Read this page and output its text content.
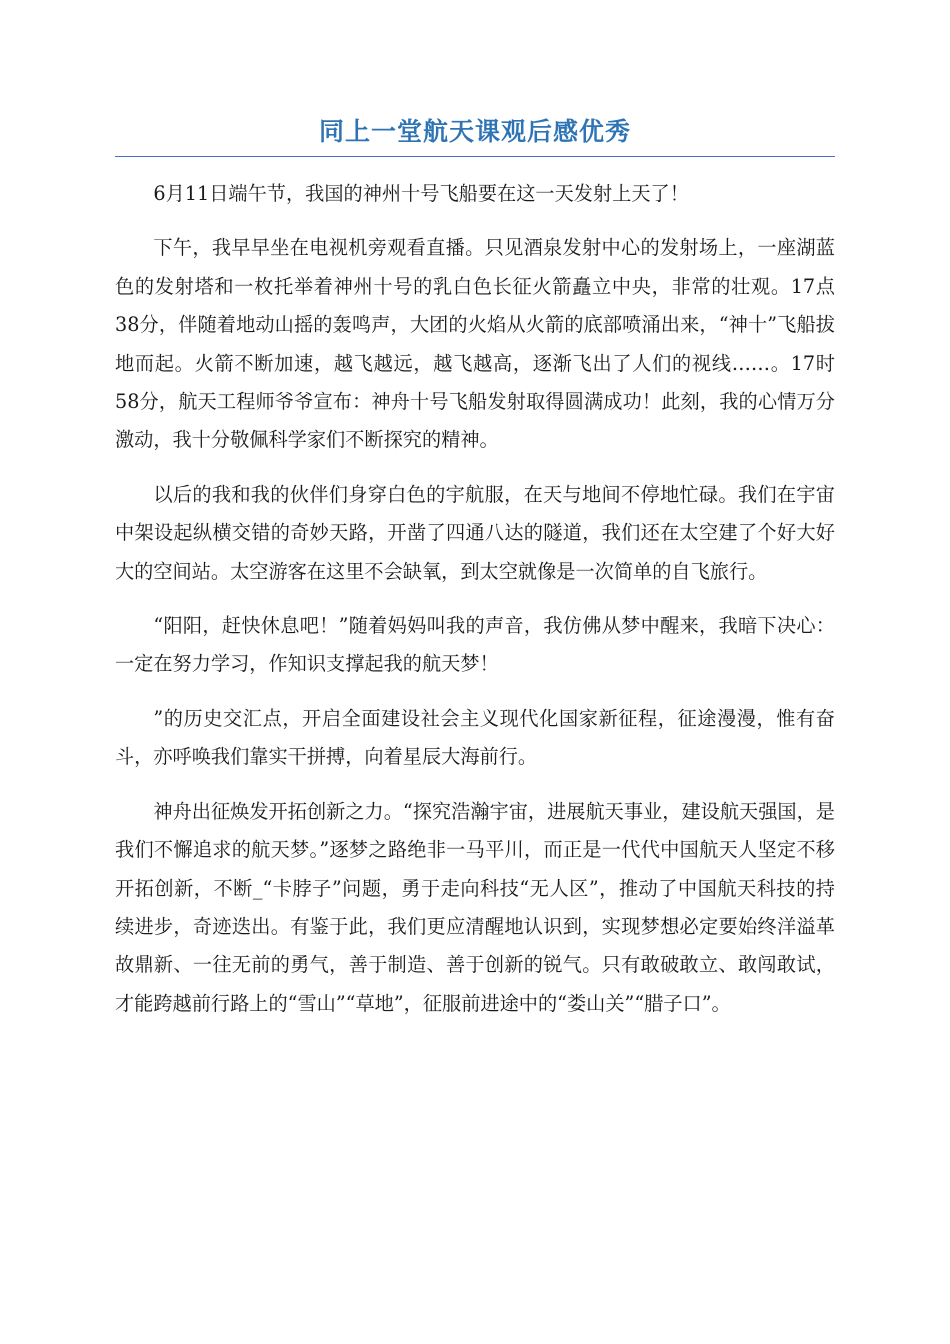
同上一堂航天课观后感优秀

6月11日端午节，我国的神州十号飞船要在这一天发射上天了！

下午，我早早坐在电视机旁观看直播。只见酒泉发射中心的发射场上，一座湖蓝色的发射塔和一枚托举着神州十号的乳白色长征火箭矗立中央，非常的壮观。17点38分，伴随着地动山摇的轰鸣声，大团的火焰从火箭的底部喷涌出来，“神十”飞船拔地而起。火箭不断加速，越飞越远，越飞越高，逐渐飞出了人们的视线……。17时58分，航天工程师爷爷宣布：神舟十号飞船发射取得圆满成功！此刻，我的心情万分激动，我十分敬佩科学家们不断探究的精神。

以后的我和我的伙伴们身穿白色的宇航服，在天与地间不停地忙碌。我们在宇宙中架设起纵横交错的奇妙天路，开凿了四通八达的隧道，我们还在太空建了个好大好大的空间站。太空游客在这里不会缺氧，到太空就像是一次简单的自飞旅行。

“阳阳，赶快休息吧！”随着妈妈叫我的声音，我仿佛从梦中醒来，我暗下决心：一定在努力学习，作知识支撑起我的航天梦！

”的历史交汇点，开启全面建设社会主义现代化国家新征程，征途漫漫，惟有奋斗，亦呼唤我们靠实干拼搏，向着星辰大海前行。

神舟出征焕发开拓创新之力。“探究浩瀚宇宙，进展航天事业，建设航天强国，是我们不懈追求的航天梦。”逐梦之路绝非一马平川，而正是一代代中国航天人坚定不移开拓创新，不断_“卡脖子”问题，勇于走向科技“无人区”，推动了中国航天科技的持续进步，奇迹迭出。有鉴于此，我们更应清醒地认识到，实现梦想必定要始终洋溢革故鼎新、一往无前的勇气，善于制造、善于创新的锐气。只有敢破敢立、敢闯敢试，才能跨越前行路上的“雪山”“草地”，征服前进途中的“娄山关”“腊子口”。
